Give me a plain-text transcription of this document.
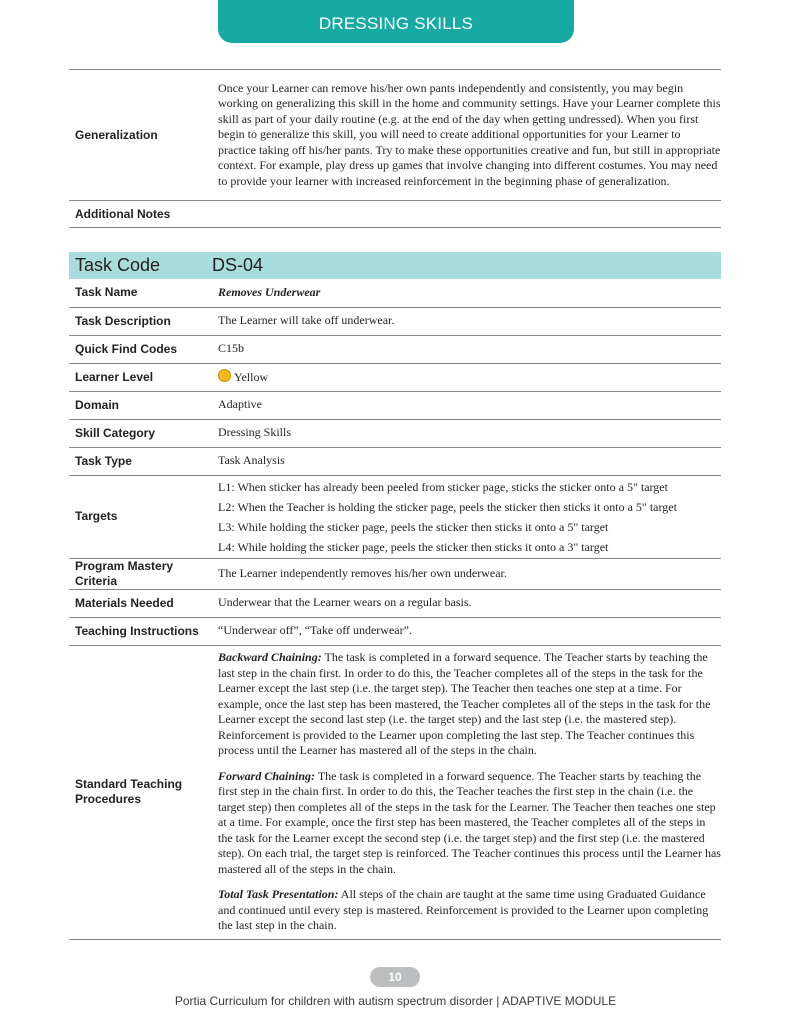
DRESSING SKILLS
Generalization	Once your Learner can remove his/her own pants independently and consistently, you may begin working on generalizing this skill in the home and community settings. Have your Learner complete this skill as part of your daily routine (e.g. at the end of the day when getting undressed). When you first begin to generalize this skill, you will need to create additional opportunities for your Learner to practice taking off his/her pants. Try to make these opportunities creative and fun, but still in appropriate context. For example, play dress up games that involve changing into different costumes. You may need to provide your learner with increased reinforcement in the beginning phase of generalization.
Additional Notes	
Task Code	DS-04
Task Name	Removes Underwear
Task Description	The Learner will take off underwear.
Quick Find Codes	C15b
Learner Level	Yellow
Domain	Adaptive
Skill Category	Dressing Skills
Task Type	Task Analysis
Targets	L1: When sticker has already been peeled from sticker page, sticks the sticker onto a 5" target
L2: When the Teacher is holding the sticker page, peels the sticker then sticks it onto a 5" target
L3: While holding the sticker page, peels the sticker then sticks it onto a 5" target
L4: While holding the sticker page, peels the sticker then sticks it onto a 3" target

Program Mastery Criteria	The Learner independently removes his/her own underwear.
Materials Needed	Underwear that the Learner wears on a regular basis.
Teaching Instructions	“Underwear off”, “Take off underwear”.
Standard Teaching Procedures	Backward Chaining: The task is completed in a forward sequence. The Teacher starts by teaching the last step in the chain first. In order to do this, the Teacher completes all of the steps in the task for the Learner except the last step (i.e. the target step). The Teacher then teaches one step at a time. For example, once the last step has been mastered, the Teacher completes all of the steps in the task for the Learner except the second last step (i.e. the target step) and the last step (i.e. the mastered step). Reinforcement is provided to the Learner upon completing the last step. The Teacher continues this process until the Learner has mastered all of the steps in the chain.

Forward Chaining: The task is completed in a forward sequence. The Teacher starts by teaching the first step in the chain first. In order to do this, the Teacher teaches the first step in the chain (i.e. the target step) then completes all of the steps in the task for the Learner. The Teacher then teaches one step at a time. For example, once the first step has been mastered, the Teacher completes all of the steps in the task for the Learner except the second step (i.e. the target step) and the first step (i.e. the mastered step). On each trial, the target step is reinforced. The Teacher continues this process until the Learner has mastered all of the steps in the chain.

Total Task Presentation: All steps of the chain are taught at the same time using Graduated Guidance and continued until every step is mastered. Reinforcement is provided to the Learner upon completing the last step in the chain.

10
Portia Curriculum for children with autism spectrum disorder | ADAPTIVE MODULE
